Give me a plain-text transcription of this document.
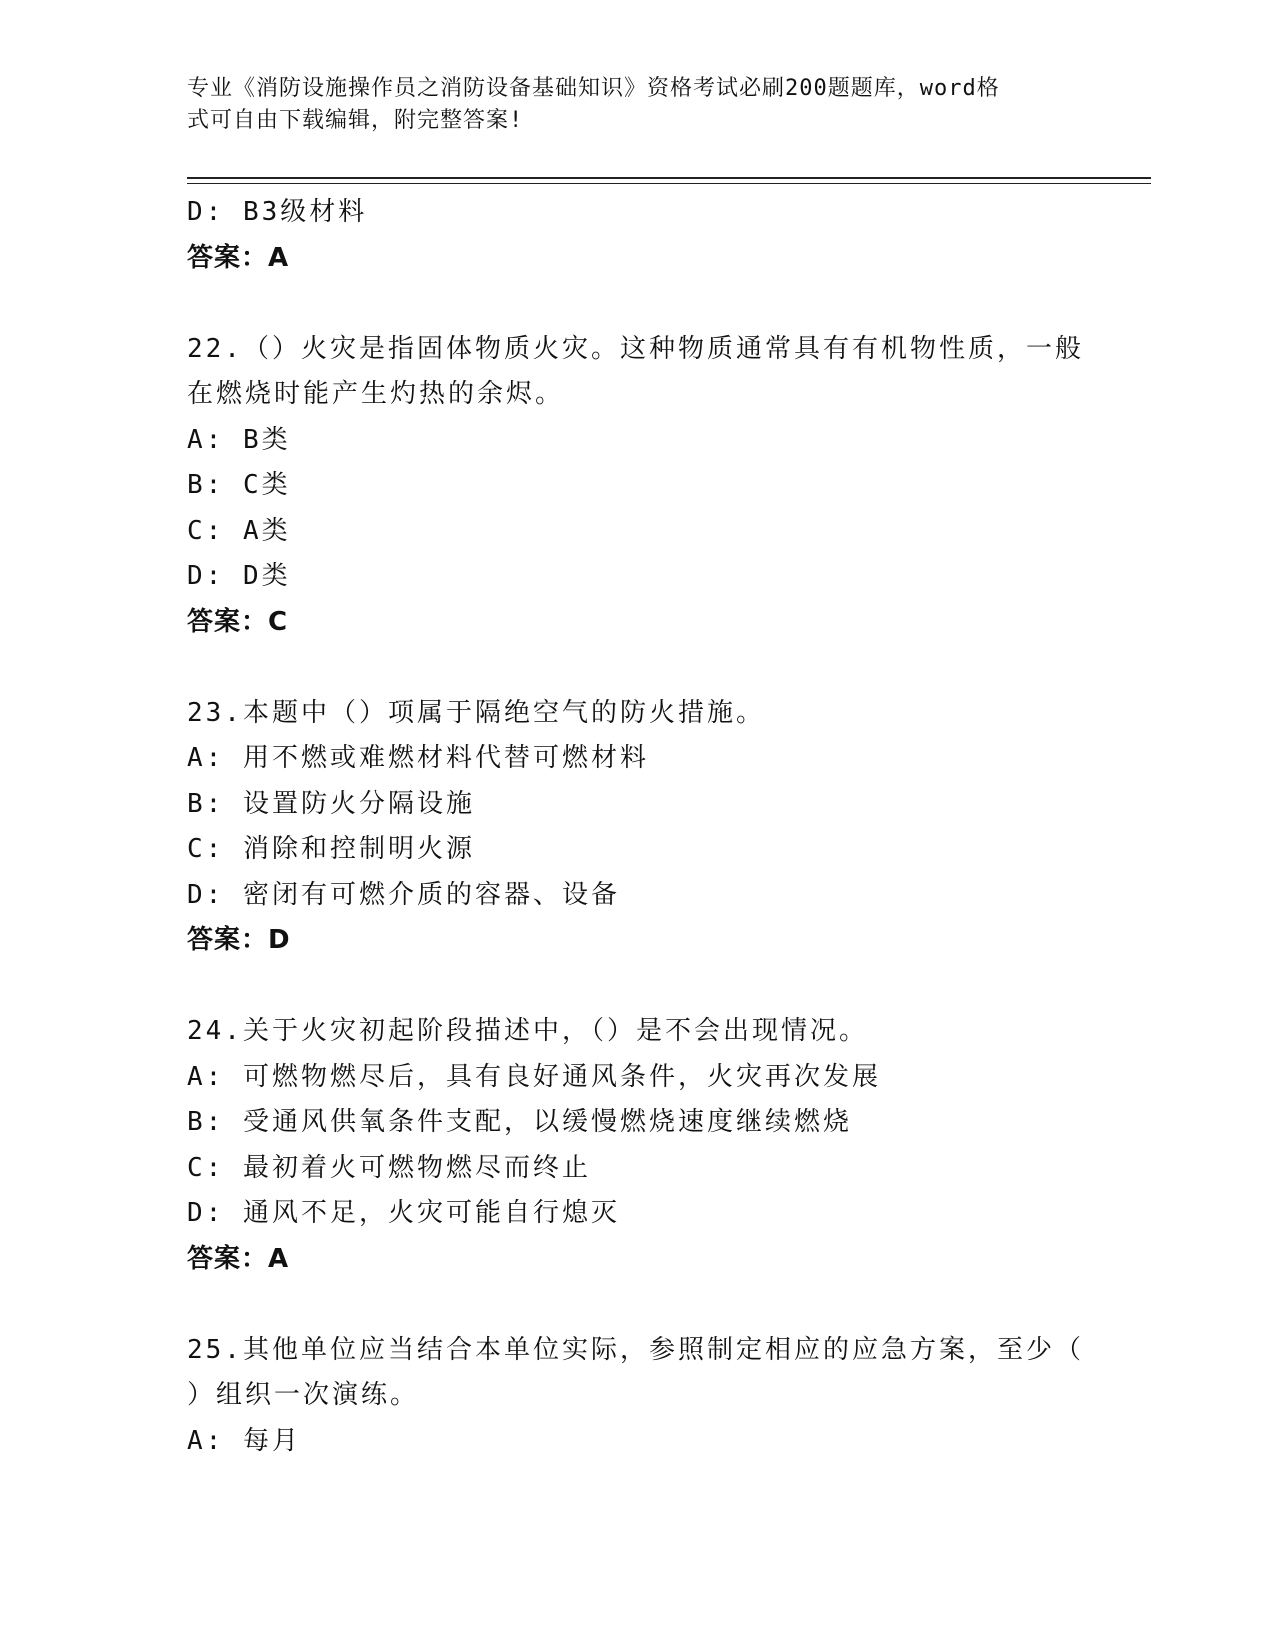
专业《消防设施操作员之消防设备基础知识》资格考试必刷200题题库，word格
式可自由下载编辑，附完整答案!
D: B3级材料
答案：A
22.（）火灾是指固体物质火灾。这种物质通常具有有机物性质，一般
在燃烧时能产生灼热的余烬。
A: B类
B: C类
C: A类
D: D类
答案：C
23.本题中（）项属于隔绝空气的防火措施。
A: 用不燃或难燃材料代替可燃材料
B: 设置防火分隔设施
C: 消除和控制明火源
D: 密闭有可燃介质的容器、设备
答案：D
24.关于火灾初起阶段描述中，（）是不会出现情况。
A: 可燃物燃尽后，具有良好通风条件，火灾再次发展
B: 受通风供氧条件支配，以缓慢燃烧速度继续燃烧
C: 最初着火可燃物燃尽而终止
D: 通风不足，火灾可能自行熄灭
答案：A
25.其他单位应当结合本单位实际，参照制定相应的应急方案，至少（
）组织一次演练。
A: 每月
